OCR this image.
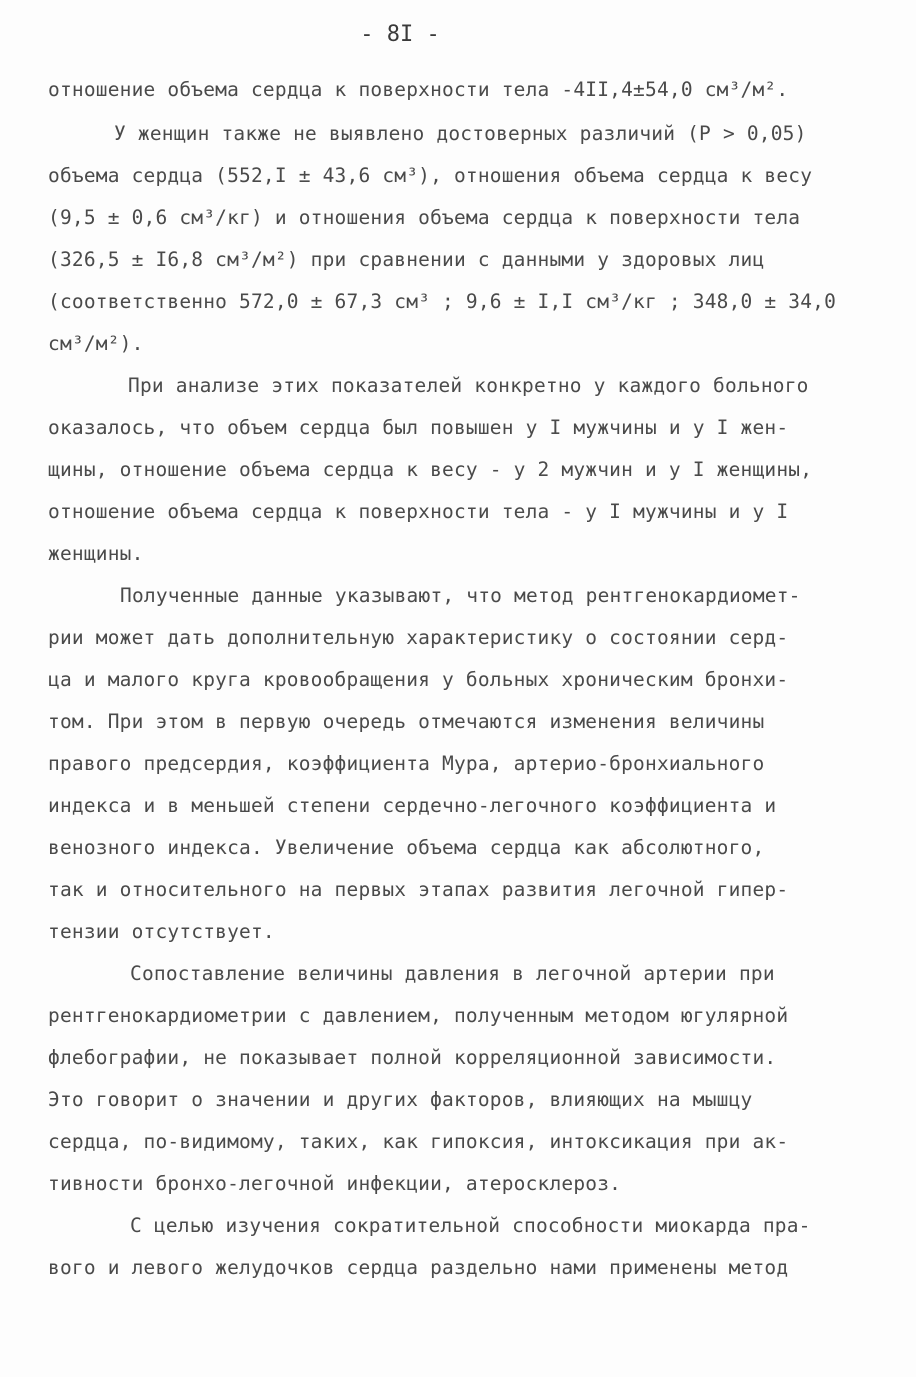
- 8I -
отношение объема сердца к поверхности тела -4II,4±54,0 см³/м².
У женщин также не выявлено достоверных различий (P > 0,05)
объема сердца (552,I ± 43,6 см³), отношения объема сердца к весу
(9,5 ± 0,6 см³/кг) и отношения объема сердца к поверхности тела
(326,5 ± I6,8 см³/м²) при сравнении с данными у здоровых лиц
(соответственно 572,0 ± 67,3 см³ ; 9,6 ± I,I см³/кг ; 348,0 ± 34,0
см³/м²).
При анализе этих показателей конкретно у каждого больного
оказалось, что объем сердца был повышен у I мужчины и у I жен-
щины, отношение объема сердца к весу - у 2 мужчин и у I женщины,
отношение объема сердца к поверхности тела - у I мужчины и у I
женщины.
Полученные данные указывают, что метод рентгенокардиомет-
рии может дать дополнительную характеристику о состоянии серд-
ца и малого круга кровообращения у больных хроническим бронхи-
том. При этом в первую очередь отмечаются изменения величины
правого предсердия, коэффициента Мура, артерио-бронхиального
индекса и в меньшей степени сердечно-легочного коэффициента и
венозного индекса. Увеличение объема сердца как абсолютного,
так и относительного на первых этапах развития легочной гипер-
тензии отсутствует.
Сопоставление величины давления в легочной артерии при
рентгенокардиометрии с давлением, полученным методом югулярной
флебографии, не показывает полной корреляционной зависимости.
Это говорит о значении и других факторов, влияющих на мышцу
сердца, по-видимому, таких, как гипоксия, интоксикация при ак-
тивности бронхо-легочной инфекции, атеросклероз.
С целью изучения сократительной способности миокарда пра-
вого и левого желудочков сердца раздельно нами применены метод
